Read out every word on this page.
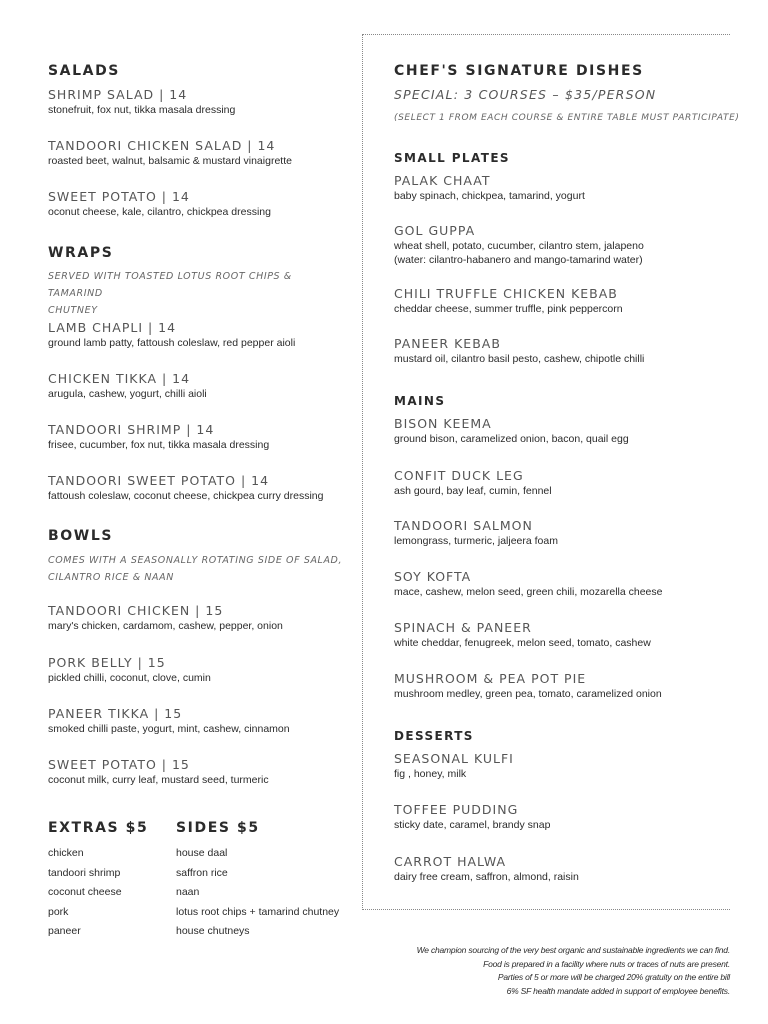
SALADS

SHRIMP SALAD | 14

stonefruit, fox nut, tikka masala dressing

TANDOORI CHICKEN SALAD | 14

roasted beet, walnut, balsamic & mustard vinaigrette

SWEET POTATO | 14

oconut cheese, kale, cilantro, chickpea dressing

WRAPS

SERVED WITH TOASTED LOTUS ROOT CHIPS & TAMARIND

CHUTNEY

LAMB CHAPLI | 14

ground lamb patty, fattoush coleslaw, red pepper aioli

CHICKEN TIKKA | 14

arugula, cashew, yogurt, chilli aioli

TANDOORI SHRIMP | 14

frisee, cucumber, fox nut, tikka masala dressing

TANDOORI SWEET POTATO | 14

fattoush coleslaw, coconut cheese, chickpea curry dressing

BOWLS

COMES WITH A SEASONALLY ROTATING SIDE OF SALAD,

CILANTRO RICE & NAAN

TANDOORI CHICKEN | 15

mary's chicken, cardamom, cashew, pepper, onion

PORK BELLY | 15

pickled chilli, coconut, clove, cumin

PANEER TIKKA | 15

smoked chilli paste, yogurt, mint, cashew, cinnamon

SWEET POTATO | 15

coconut milk, curry leaf, mustard seed, turmeric

EXTRAS $5

chicken

tandoori shrimp

coconut cheese

pork

paneer

SIDES $5

house daal

saffron rice

naan

lotus root chips + tamarind chutney

house chutneys

CHEF'S SIGNATURE DISHES

SPECIAL: 3 COURSES – $35/PERSON

(SELECT 1 FROM EACH COURSE & ENTIRE TABLE MUST PARTICIPATE)

SMALL PLATES

PALAK CHAAT

baby spinach, chickpea, tamarind, yogurt

GOL GUPPA

wheat shell, potato, cucumber, cilantro stem, jalapeno

(water: cilantro-habanero and mango-tamarind water)

CHILI TRUFFLE CHICKEN KEBAB

cheddar cheese, summer truffle, pink peppercorn

PANEER KEBAB

mustard oil, cilantro basil pesto, cashew, chipotle chilli

MAINS

BISON KEEMA

ground bison, caramelized onion, bacon, quail egg

CONFIT DUCK LEG

ash gourd, bay leaf, cumin, fennel

TANDOORI SALMON

lemongrass, turmeric, jaljeera foam

SOY KOFTA

mace, cashew, melon seed, green chili, mozarella cheese

SPINACH & PANEER

white cheddar, fenugreek, melon seed, tomato, cashew

MUSHROOM & PEA POT PIE

mushroom medley, green pea, tomato, caramelized onion

DESSERTS

SEASONAL KULFI

fig , honey, milk

TOFFEE PUDDING

sticky date, caramel, brandy snap

CARROT HALWA

dairy free cream, saffron, almond, raisin

We champion sourcing of the very best organic and sustainable ingredients we can find.
Food is prepared in a facility where nuts or traces of nuts are present.
Parties of 5 or more will be charged 20% gratuity on the entire bill
6% SF health mandate added in support of employee benefits.
